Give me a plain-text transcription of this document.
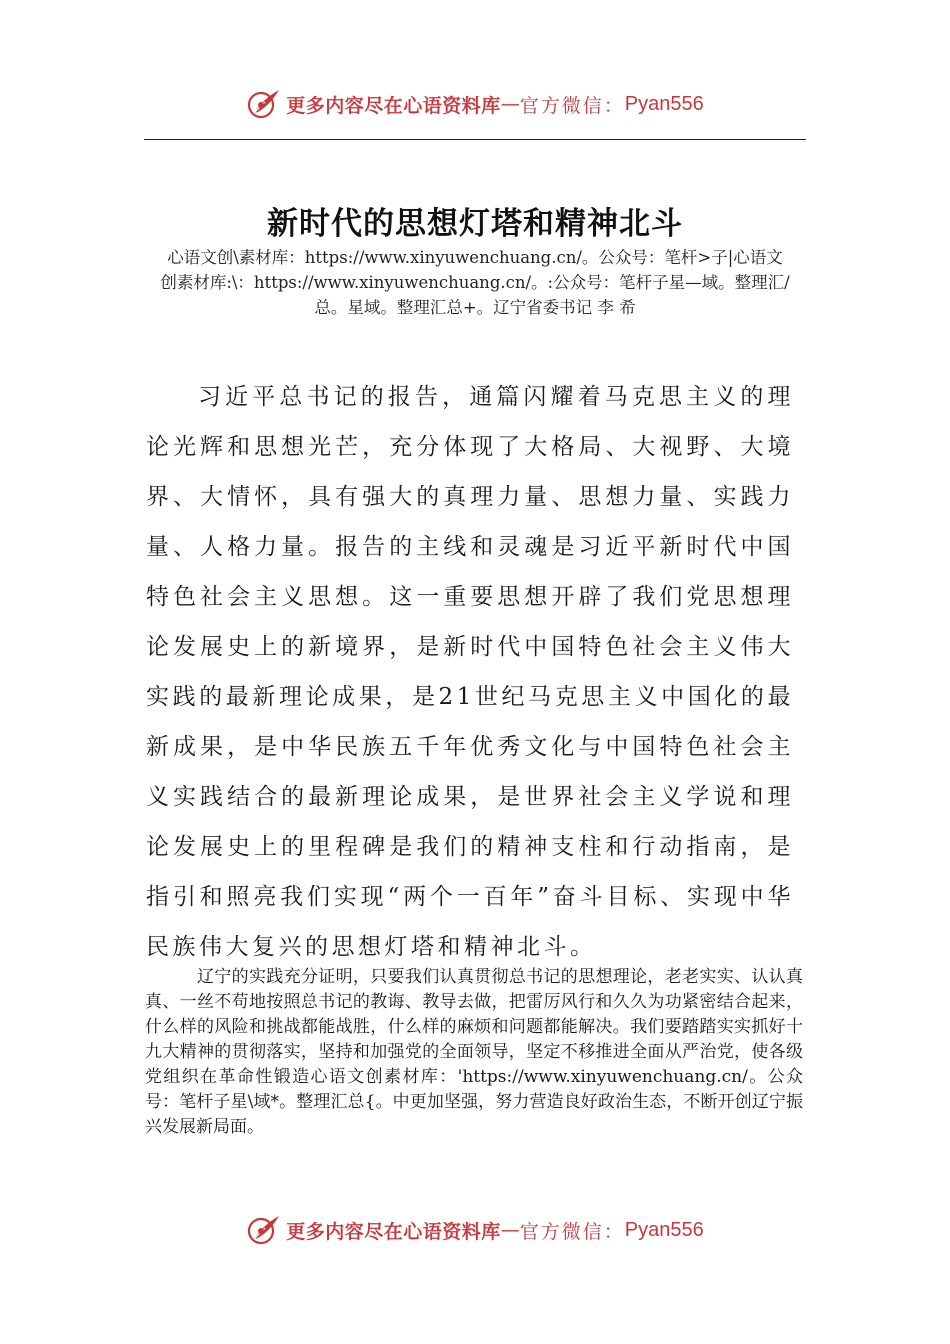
更多内容尽在心语资料库 — 官方微信： Pyan556
新时代的思想灯塔和精神北斗
心语文创\素材库：https://www.xinyuwenchuang.cn/。公众号：笔杆>子|心语文创素材库:\：https://www.xinyuwenchuang.cn/。:公众号：笔杆子星—域。整理汇/总。星域。整理汇总+。辽宁省委书记 李 希

习近平总书记的报告，通篇闪耀着马克思主义的理论光辉和思想光芒，充分体现了大格局、大视野、大境界、大情怀，具有强大的真理力量、思想力量、实践力量、人格力量。报告的主线和灵魂是习近平新时代中国特色社会主义思想。这一重要思想开辟了我们党思想理论发展史上的新境界，是新时代中国特色社会主义伟大实践的最新理论成果，是21世纪马克思主义中国化的最新成果，是中华民族五千年优秀文化与中国特色社会主义实践结合的最新理论成果，是世界社会主义学说和理论发展史上的里程碑是我们的精神支柱和行动指南，是指引和照亮我们实现“两个一百年”奋斗目标、实现中华民族伟大复兴的思想灯塔和精神北斗。

辽宁的实践充分证明，只要我们认真贯彻总书记的思想理论，老老实实、认认真真、一丝不苟地按照总书记的教诲、教导去做，把雷厉风行和久久为功紧密结合起来，什么样的风险和挑战都能战胜，什么样的麻烦和问题都能解决。我们要踏踏实实抓好十九大精神的贯彻落实，坚持和加强党的全面领导，坚定不移推进全面从严治党，使各级党组织在革命性锻造心语文创素材库：'https://www.xinyuwenchuang.cn/。公众号：笔杆子星\域*。整理汇总{。中更加坚强，努力营造良好政治生态，不断开创辽宁振兴发展新局面。

更多内容尽在心语资料库 — 官方微信： Pyan556
